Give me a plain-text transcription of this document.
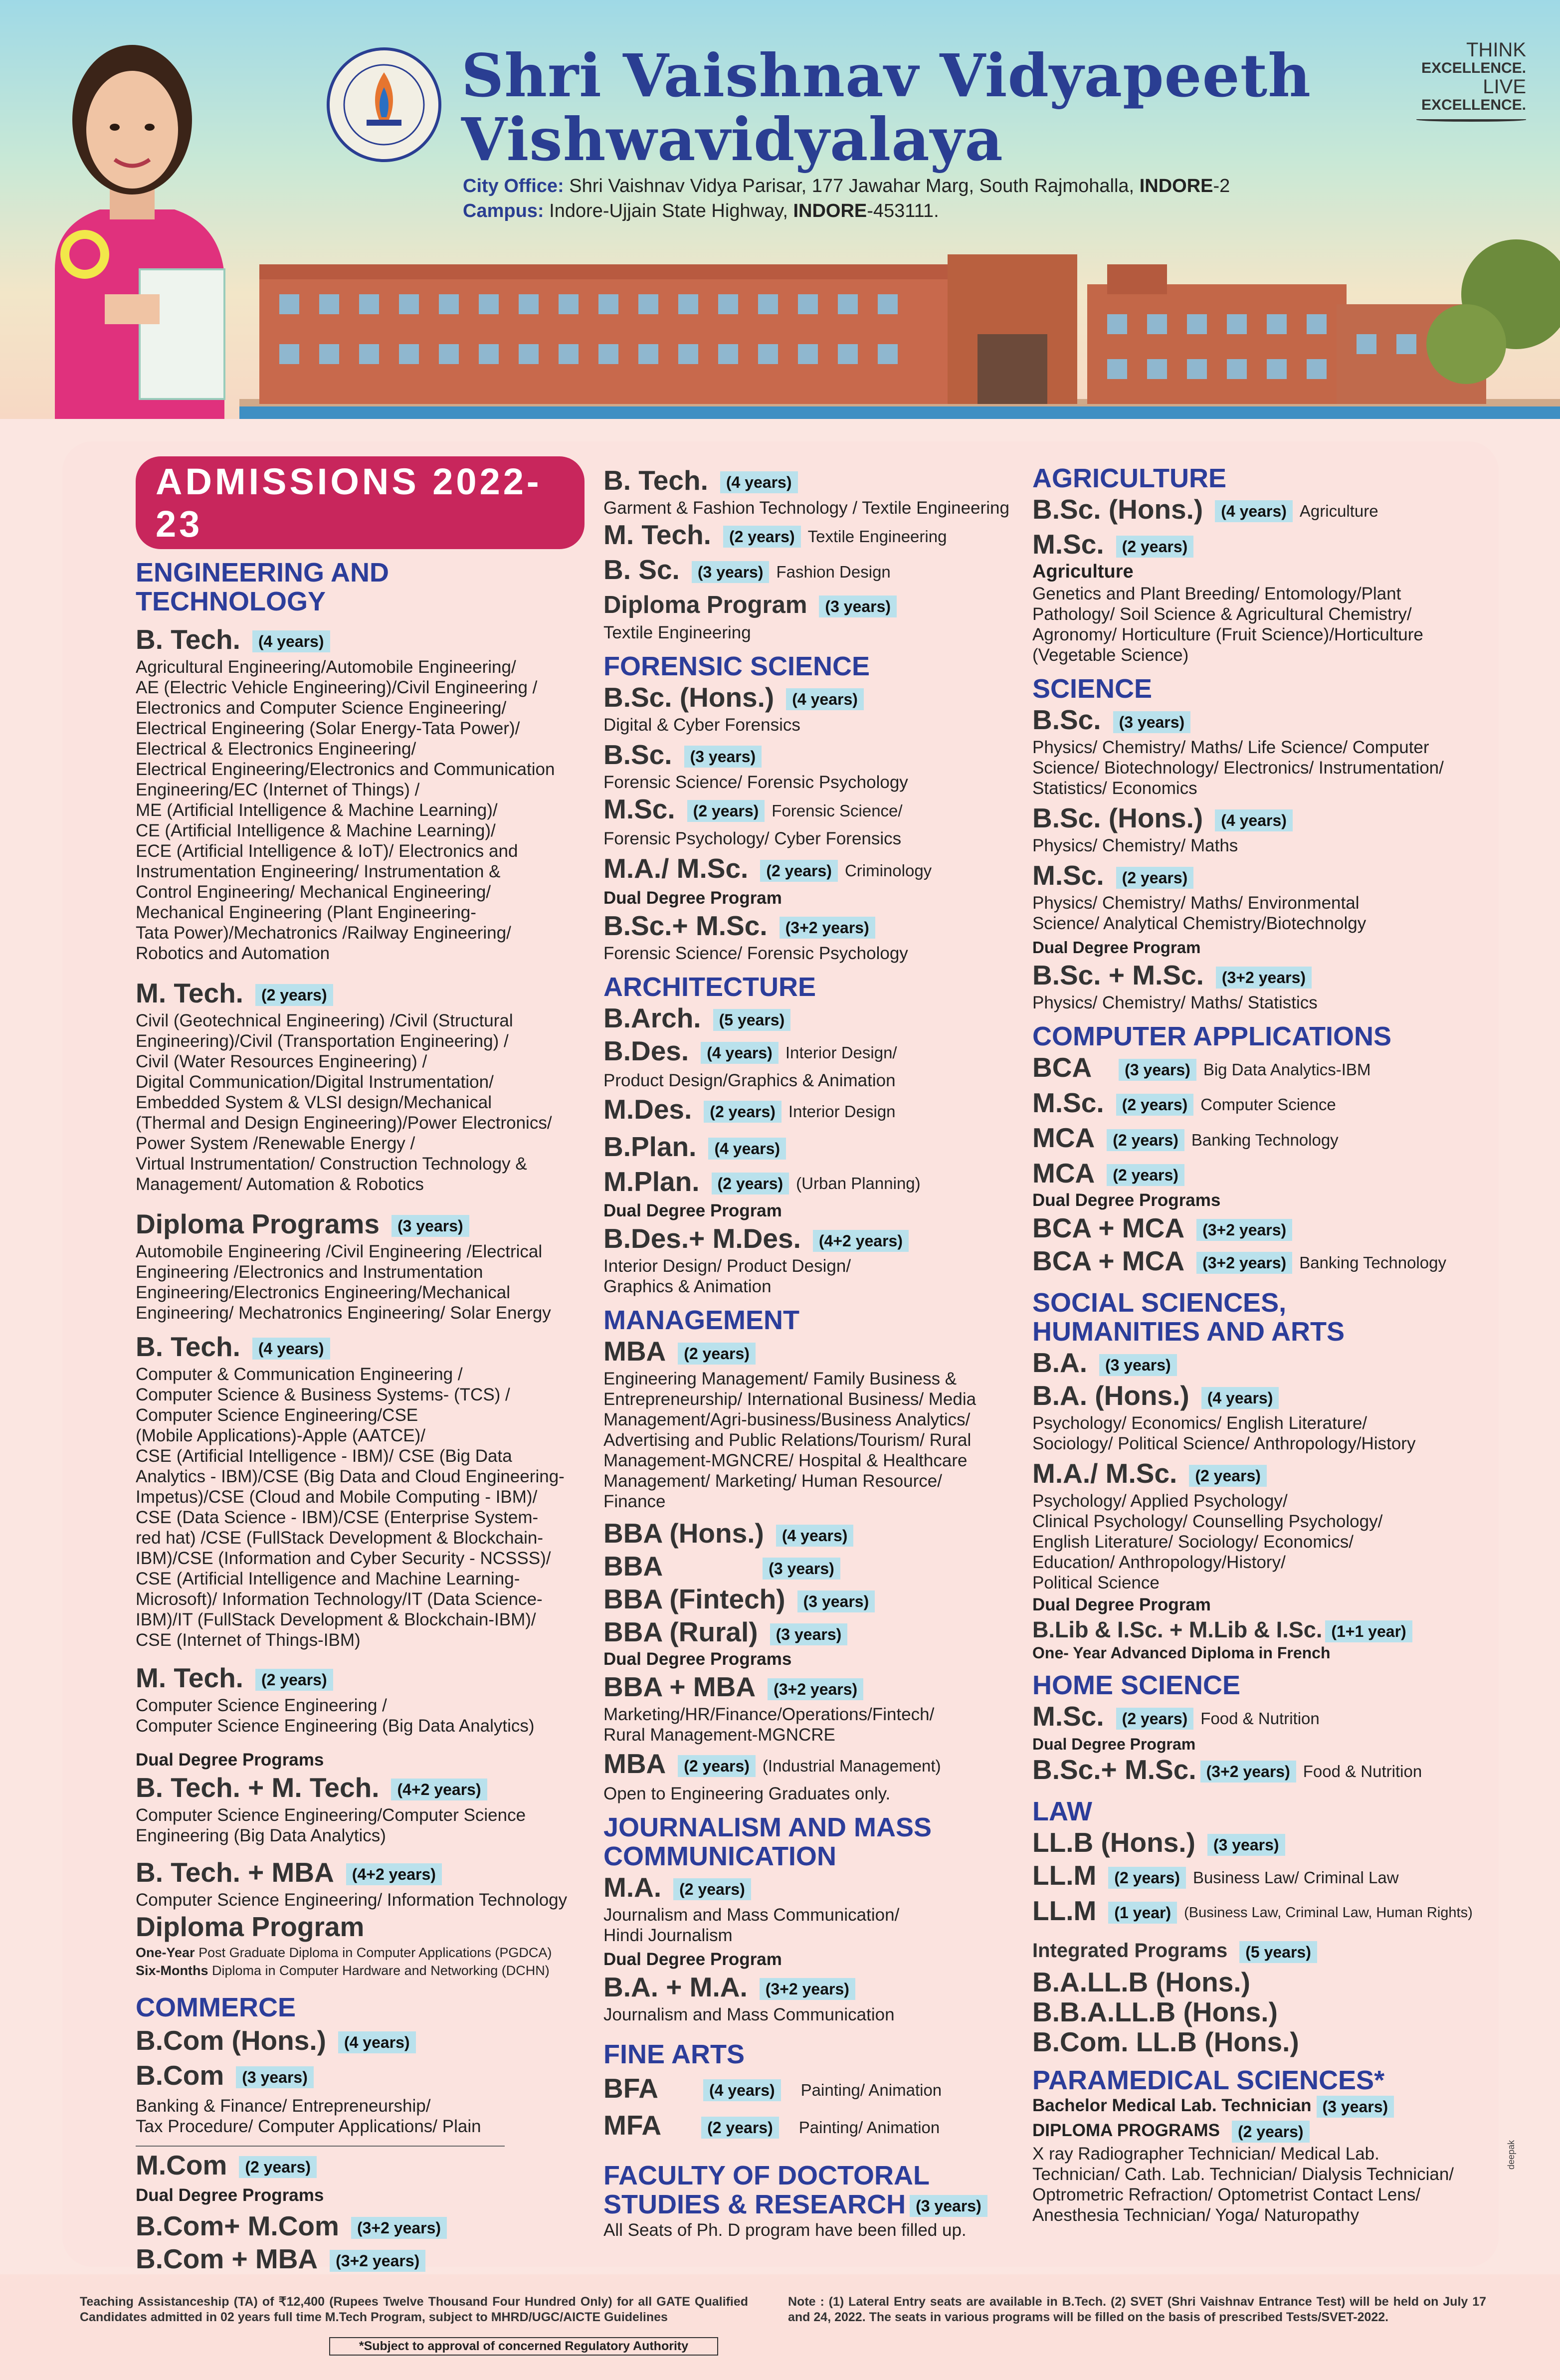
Shri Vaishnav Vidyapeeth
Vishwavidyalaya
City Office: Shri Vaishnav Vidya Parisar, 177 Jawahar Marg, South Rajmohalla, INDORE-2
Campus: Indore-Ujjain State Highway, INDORE-453111.
THINK
EXCELLENCE.
LIVE
EXCELLENCE.
ADMISSIONS 2022-23
ENGINEERING AND TECHNOLOGY
B. Tech. (4 years)
Agricultural Engineering/Automobile Engineering/
AE (Electric Vehicle Engineering)/Civil Engineering /
Electronics and Computer Science Engineering/
Electrical Engineering (Solar Energy-Tata Power)/
Electrical & Electronics Engineering/
Electrical Engineering/Electronics and Communication
Engineering/EC (Internet of Things) /
ME (Artificial Intelligence & Machine Learning)/
CE (Artificial Intelligence & Machine Learning)/
ECE (Artificial Intelligence & IoT)/ Electronics and
Instrumentation Engineering/ Instrumentation &
Control Engineering/ Mechanical Engineering/
Mechanical Engineering (Plant Engineering-
Tata Power)/Mechatronics /Railway Engineering/
Robotics and Automation
M. Tech. (2 years)
Civil (Geotechnical Engineering) /Civil (Structural
Engineering)/Civil (Transportation Engineering) /
Civil (Water Resources Engineering) /
Digital Communication/Digital Instrumentation/
Embedded System & VLSI design/Mechanical
(Thermal and Design Engineering)/Power Electronics/
Power System /Renewable Energy /
Virtual Instrumentation/ Construction Technology &
Management/ Automation & Robotics
Diploma Programs (3 years)
Automobile Engineering /Civil Engineering /Electrical
Engineering /Electronics and Instrumentation
Engineering/Electronics Engineering/Mechanical
Engineering/ Mechatronics Engineering/ Solar Energy
B. Tech. (4 years)
Computer & Communication Engineering /
Computer Science & Business Systems- (TCS) /
Computer Science Engineering/CSE
(Mobile Applications)-Apple (AATCE)/
CSE (Artificial Intelligence - IBM)/ CSE (Big Data
Analytics - IBM)/CSE (Big Data and Cloud Engineering-
Impetus)/CSE (Cloud and Mobile Computing - IBM)/
CSE (Data Science - IBM)/CSE (Enterprise System-
red hat) /CSE (FullStack Development & Blockchain-
IBM)/CSE (Information and Cyber Security - NCSSS)/
CSE (Artificial Intelligence and Machine Learning-
Microsoft)/ Information Technology/IT (Data Science-
IBM)/IT (FullStack Development & Blockchain-IBM)/
CSE (Internet of Things-IBM)
M. Tech. (2 years)
Computer Science Engineering /
Computer Science Engineering (Big Data Analytics)
Dual Degree Programs
B. Tech. + M. Tech. (4+2 years)
Computer Science Engineering/Computer Science
Engineering (Big Data Analytics)
B. Tech. + MBA (4+2 years)
Computer Science Engineering/ Information Technology
Diploma Program
One-Year Post Graduate Diploma in Computer Applications (PGDCA)
Six-Months Diploma in Computer Hardware and Networking (DCHN)
COMMERCE
B.Com (Hons.) (4 years)
B.Com (3 years)
Banking & Finance/ Entrepreneurship/
Tax Procedure/ Computer Applications/ Plain
M.Com (2 years)
Dual Degree Programs
B.Com+ M.Com (3+2 years)
B.Com + MBA (3+2 years)
B. Tech. (4 years)
Garment & Fashion Technology / Textile Engineering
M. Tech. (2 years) Textile Engineering
B. Sc. (3 years) Fashion Design
Diploma Program (3 years)
Textile Engineering
FORENSIC SCIENCE
B.Sc. (Hons.) (4 years)
Digital & Cyber Forensics
B.Sc. (3 years)
Forensic Science/ Forensic Psychology
M.Sc. (2 years) Forensic Science/
Forensic Psychology/ Cyber Forensics
M.A./ M.Sc. (2 years) Criminology
Dual Degree Program
B.Sc.+ M.Sc. (3+2 years)
Forensic Science/ Forensic Psychology
ARCHITECTURE
B.Arch. (5 years)
B.Des. (4 years) Interior Design/
Product Design/Graphics & Animation
M.Des. (2 years) Interior Design
B.Plan. (4 years)
M.Plan. (2 years) (Urban Planning)
Dual Degree Program
B.Des.+ M.Des. (4+2 years)
Interior Design/ Product Design/
Graphics & Animation
MANAGEMENT
MBA (2 years)
Engineering Management/ Family Business &
Entrepreneurship/ International Business/ Media
Management/Agri-business/Business Analytics/
Advertising and Public Relations/Tourism/ Rural
Management-MGNCRE/ Hospital & Healthcare
Management/ Marketing/ Human Resource/
Finance
BBA (Hons.) (4 years)
BBA	(3 years)
BBA (Fintech) (3 years)
BBA (Rural) (3 years)
Dual Degree Programs
BBA + MBA (3+2 years)
Marketing/HR/Finance/Operations/Fintech/
Rural Management-MGNCRE
MBA (2 years) (Industrial Management)
Open to Engineering Graduates only.
JOURNALISM AND MASS
COMMUNICATION
M.A. (2 years)
Journalism and Mass Communication/
Hindi Journalism
Dual Degree Program
B.A. + M.A. (3+2 years)
Journalism and Mass Communication
FINE ARTS
BFA	(4 years) Painting/ Animation
MFA	(2 years) Painting/ Animation
FACULTY OF DOCTORAL
STUDIES & RESEARCH (3 years)
All Seats of Ph. D program have been filled up.
AGRICULTURE
B.Sc. (Hons.) (4 years) Agriculture
M.Sc. (2 years)
Agriculture
Genetics and Plant Breeding/ Entomology/Plant
Pathology/ Soil Science & Agricultural Chemistry/
Agronomy/ Horticulture (Fruit Science)/Horticulture
(Vegetable Science)
SCIENCE
B.Sc. (3 years)
Physics/ Chemistry/ Maths/ Life Science/ Computer
Science/ Biotechnology/ Electronics/ Instrumentation/
Statistics/ Economics
B.Sc. (Hons.) (4 years)
Physics/ Chemistry/ Maths
M.Sc. (2 years)
Physics/ Chemistry/ Maths/ Environmental
Science/ Analytical Chemistry/Biotechnolgy
Dual Degree Program
B.Sc. + M.Sc. (3+2 years)
Physics/ Chemistry/ Maths/ Statistics
COMPUTER APPLICATIONS
BCA (3 years) Big Data Analytics-IBM
M.Sc. (2 years) Computer Science
MCA (2 years) Banking Technology
MCA (2 years)
Dual Degree Programs
BCA + MCA (3+2 years)
BCA + MCA (3+2 years) Banking Technology
SOCIAL SCIENCES,
HUMANITIES AND ARTS
B.A. (3 years)
B.A. (Hons.) (4 years)
Psychology/ Economics/ English Literature/
Sociology/ Political Science/ Anthropology/History
M.A./ M.Sc. (2 years)
Psychology/ Applied Psychology/
Clinical Psychology/ Counselling Psychology/
English Literature/ Sociology/ Economics/
Education/ Anthropology/History/
Political Science
Dual Degree Program
B.Lib & I.Sc. + M.Lib & I.Sc. (1+1 year)
One- Year Advanced Diploma in French
HOME SCIENCE
M.Sc. (2 years) Food & Nutrition
Dual Degree Program
B.Sc.+ M.Sc. (3+2 years) Food & Nutrition
LAW
LL.B (Hons.) (3 years)
LL.M (2 years) Business Law/ Criminal Law
LL.M (1 year) (Business Law, Criminal Law, Human Rights)
Integrated Programs (5 years)
B.A.LL.B (Hons.)
B.B.A.LL.B (Hons.)
B.Com. LL.B (Hons.)
PARAMEDICAL SCIENCES*
Bachelor Medical Lab. Technician (3 years)
DIPLOMA PROGRAMS (2 years)
X ray Radiographer Technician/ Medical Lab.
Technician/ Cath. Lab. Technician/ Dialysis Technician/
Optrometric Refraction/ Optometrist Contact Lens/
Anesthesia Technician/ Yoga/ Naturopathy
Teaching Assistanceship (TA) of ₹12,400 (Rupees Twelve Thousand Four Hundred Only) for all GATE Qualified Candidates admitted in 02 years full time M.Tech Program, subject to MHRD/UGC/AICTE Guidelines
*Subject to approval of concerned Regulatory Authority
Note : (1) Lateral Entry seats are available in B.Tech. (2) SVET (Shri Vaishnav Entrance Test) will be held on July 17 and 24, 2022. The seats in various programs will be filled on the basis of prescribed Tests/SVET-2022.
deepak
